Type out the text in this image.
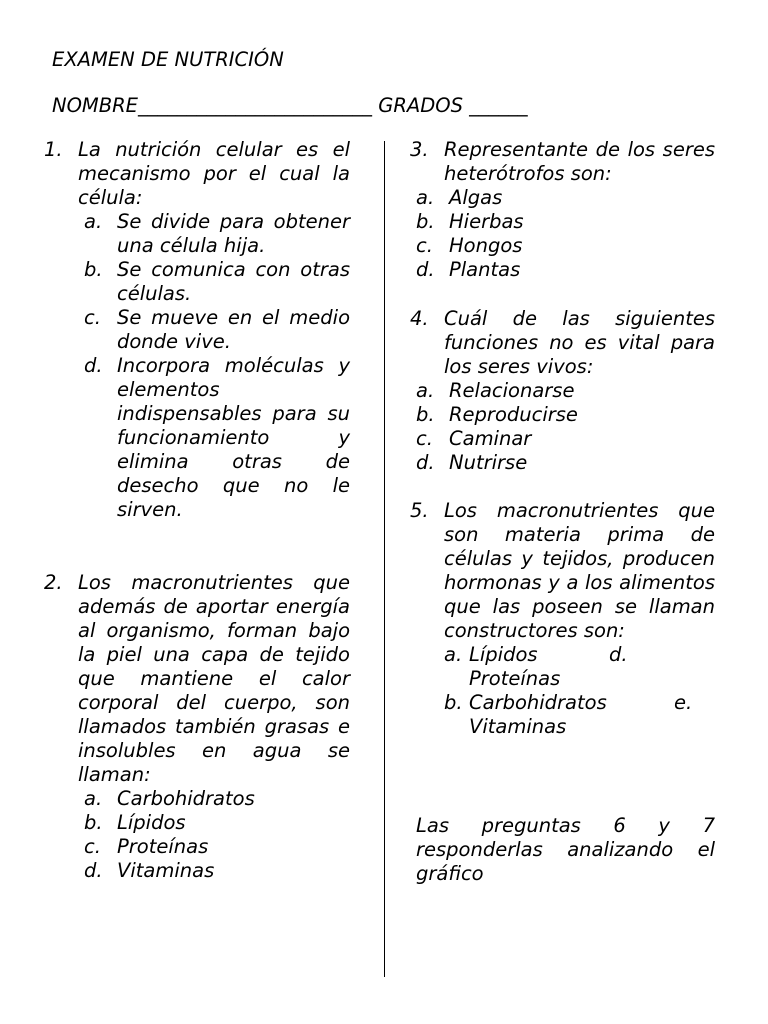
EXAMEN DE NUTRICIÓN
NOMBRE________________________ GRADOS ______
1. La nutrición celular es el mecanismo por el cual la célula:
a. Se divide para obtener una célula hija.
b. Se comunica con otras células.
c. Se mueve en el medio donde vive.
d. Incorpora moléculas y elementos indispensables para su funcionamiento y elimina otras de desecho que no le sirven.
2. Los macronutrientes que además de aportar energía al organismo, forman bajo la piel una capa de tejido que mantiene el calor corporal del cuerpo, son llamados también grasas e insolubles en agua se llaman:
a. Carbohidratos
b. Lípidos
c. Proteínas
d. Vitaminas
3. Representante de los seres heterótrofos son:
a. Algas
b. Hierbas
c. Hongos
d. Plantas
4. Cuál de las siguientes funciones no es vital para los seres vivos:
a. Relacionarse
b. Reproducirse
c. Caminar
d. Nutrirse
5. Los macronutrientes que son materia prima de células y tejidos, producen hormonas y a los alimentos que las poseen se llaman constructores son:
a. Lípidos	d.
Proteínas
b. Carbohidratos	e.
Vitaminas
Las preguntas 6 y 7 responderlas analizando el gráfico
